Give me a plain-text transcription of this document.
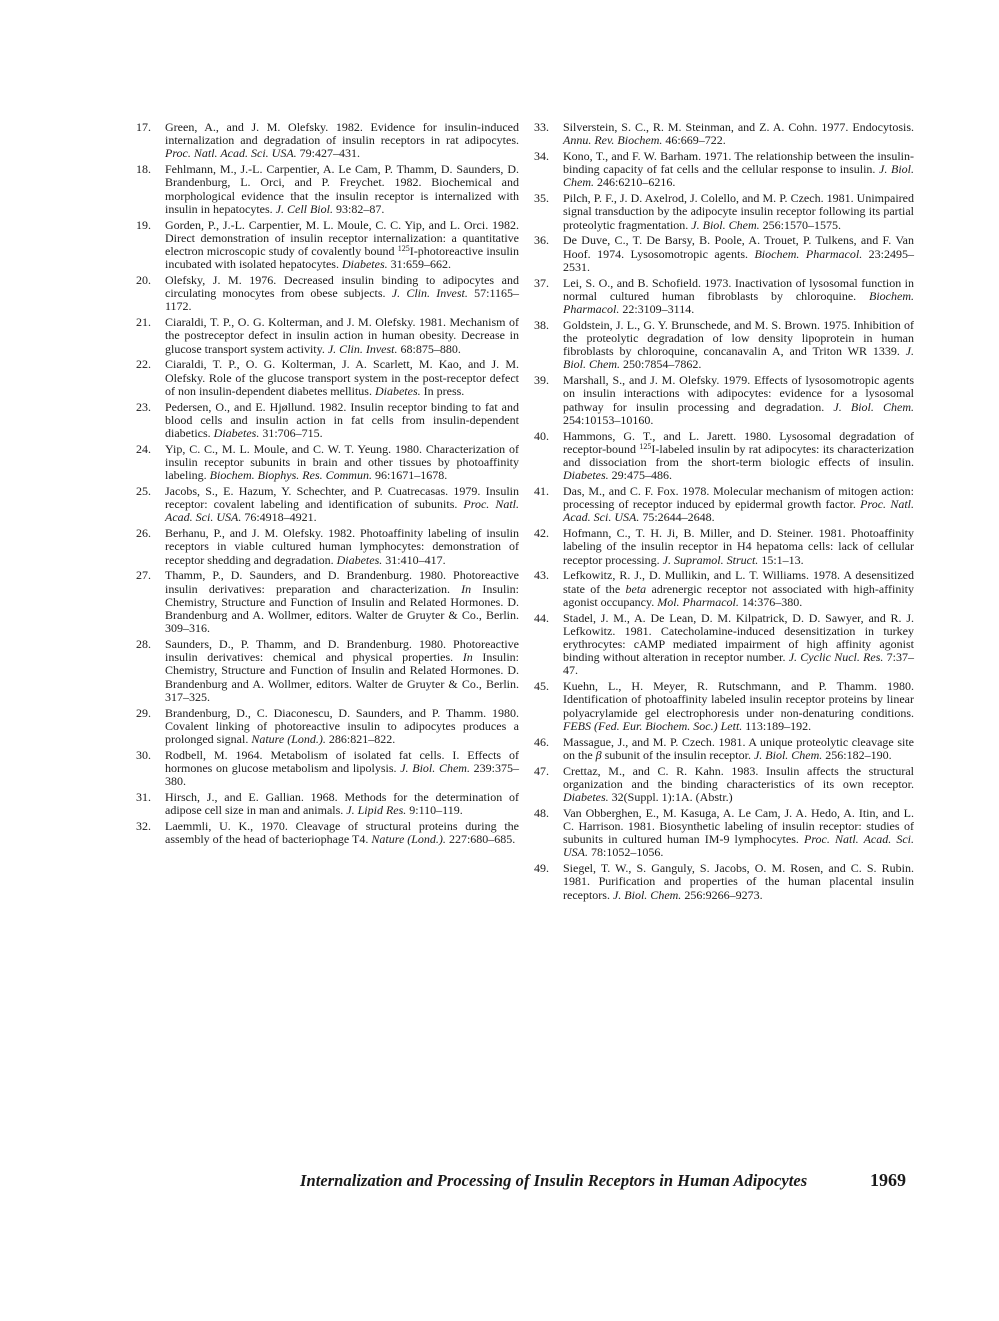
17. Green, A., and J. M. Olefsky. 1982. Evidence for insulin-induced internalization and degradation of insulin receptors in rat adipocytes. Proc. Natl. Acad. Sci. USA. 79:427–431.
18. Fehlmann, M., J.-L. Carpentier, A. Le Cam, P. Thamm, D. Saunders, D. Brandenburg, L. Orci, and P. Freychet. 1982. Biochemical and morphological evidence that the insulin receptor is internalized with insulin in hepatocytes. J. Cell Biol. 93:82–87.
19. Gorden, P., J.-L. Carpentier, M. L. Moule, C. C. Yip, and L. Orci. 1982. Direct demonstration of insulin receptor internalization: a quantitative electron microscopic study of covalently bound $^{125}$I-photoreactive insulin incubated with isolated hepatocytes. Diabetes. 31:659–662.
20. Olefsky, J. M. 1976. Decreased insulin binding to adipocytes and circulating monocytes from obese subjects. J. Clin. Invest. 57:1165–1172.
21. Ciaraldi, T. P., O. G. Kolterman, and J. M. Olefsky. 1981. Mechanism of the postreceptor defect in insulin action in human obesity. Decrease in glucose transport system activity. J. Clin. Invest. 68:875–880.
22. Ciaraldi, T. P., O. G. Kolterman, J. A. Scarlett, M. Kao, and J. M. Olefsky. Role of the glucose transport system in the post-receptor defect of non insulin-dependent diabetes mellitus. Diabetes. In press.
23. Pedersen, O., and E. Hjøllund. 1982. Insulin receptor binding to fat and blood cells and insulin action in fat cells from insulin-dependent diabetics. Diabetes. 31:706–715.
24. Yip, C. C., M. L. Moule, and C. W. T. Yeung. 1980. Characterization of insulin receptor subunits in brain and other tissues by photoaffinity labeling. Biochem. Biophys. Res. Commun. 96:1671–1678.
25. Jacobs, S., E. Hazum, Y. Schechter, and P. Cuatrecasas. 1979. Insulin receptor: covalent labeling and identification of subunits. Proc. Natl. Acad. Sci. USA. 76:4918–4921.
26. Berhanu, P., and J. M. Olefsky. 1982. Photoaffinity labeling of insulin receptors in viable cultured human lymphocytes: demonstration of receptor shedding and degradation. Diabetes. 31:410–417.
27. Thamm, P., D. Saunders, and D. Brandenburg. 1980. Photoreactive insulin derivatives: preparation and characterization. In Insulin: Chemistry, Structure and Function of Insulin and Related Hormones. D. Brandenburg and A. Wollmer, editors. Walter de Gruyter & Co., Berlin. 309–316.
28. Saunders, D., P. Thamm, and D. Brandenburg. 1980. Photoreactive insulin derivatives: chemical and physical properties. In Insulin: Chemistry, Structure and Function of Insulin and Related Hormones. D. Brandenburg and A. Wollmer, editors. Walter de Gruyter & Co., Berlin. 317–325.
29. Brandenburg, D., C. Diaconescu, D. Saunders, and P. Thamm. 1980. Covalent linking of photoreactive insulin to adipocytes produces a prolonged signal. Nature (Lond.). 286:821–822.
30. Rodbell, M. 1964. Metabolism of isolated fat cells. I. Effects of hormones on glucose metabolism and lipolysis. J. Biol. Chem. 239:375–380.
31. Hirsch, J., and E. Gallian. 1968. Methods for the determination of adipose cell size in man and animals. J. Lipid Res. 9:110–119.
32. Laemmli, U. K., 1970. Cleavage of structural proteins during the assembly of the head of bacteriophage T4. Nature (Lond.). 227:680–685.
33. Silverstein, S. C., R. M. Steinman, and Z. A. Cohn. 1977. Endocytosis. Annu. Rev. Biochem. 46:669–722.
34. Kono, T., and F. W. Barham. 1971. The relationship between the insulin-binding capacity of fat cells and the cellular response to insulin. J. Biol. Chem. 246:6210–6216.
35. Pilch, P. F., J. D. Axelrod, J. Colello, and M. P. Czech. 1981. Unimpaired signal transduction by the adipocyte insulin receptor following its partial proteolytic fragmentation. J. Biol. Chem. 256:1570–1575.
36. De Duve, C., T. De Barsy, B. Poole, A. Trouet, P. Tulkens, and F. Van Hoof. 1974. Lysosomotropic agents. Biochem. Pharmacol. 23:2495–2531.
37. Lei, S. O., and B. Schofield. 1973. Inactivation of lysosomal function in normal cultured human fibroblasts by chloroquine. Biochem. Pharmacol. 22:3109–3114.
38. Goldstein, J. L., G. Y. Brunschede, and M. S. Brown. 1975. Inhibition of the proteolytic degradation of low density lipoprotein in human fibroblasts by chloroquine, concanavalin A, and Triton WR 1339. J. Biol. Chem. 250:7854–7862.
39. Marshall, S., and J. M. Olefsky. 1979. Effects of lysosomotropic agents on insulin interactions with adipocytes: evidence for a lysosomal pathway for insulin processing and degradation. J. Biol. Chem. 254:10153–10160.
40. Hammons, G. T., and L. Jarett. 1980. Lysosomal degradation of receptor-bound $^{125}$I-labeled insulin by rat adipocytes: its characterization and dissociation from the short-term biologic effects of insulin. Diabetes. 29:475–486.
41. Das, M., and C. F. Fox. 1978. Molecular mechanism of mitogen action: processing of receptor induced by epidermal growth factor. Proc. Natl. Acad. Sci. USA. 75:2644–2648.
42. Hofmann, C., T. H. Ji, B. Miller, and D. Steiner. 1981. Photoaffinity labeling of the insulin receptor in H4 hepatoma cells: lack of cellular receptor processing. J. Supramol. Struct. 15:1–13.
43. Lefkowitz, R. J., D. Mullikin, and L. T. Williams. 1978. A desensitized state of the beta adrenergic receptor not associated with high-affinity agonist occupancy. Mol. Pharmacol. 14:376–380.
44. Stadel, J. M., A. De Lean, D. M. Kilpatrick, D. D. Sawyer, and R. J. Lefkowitz. 1981. Catecholamine-induced desensitization in turkey erythrocytes: cAMP mediated impairment of high affinity agonist binding without alteration in receptor number. J. Cyclic Nucl. Res. 7:37–47.
45. Kuehn, L., H. Meyer, R. Rutschmann, and P. Thamm. 1980. Identification of photoaffinity labeled insulin receptor proteins by linear polyacrylamide gel electrophoresis under non-denaturing conditions. FEBS (Fed. Eur. Biochem. Soc.) Lett. 113:189–192.
46. Massague, J., and M. P. Czech. 1981. A unique proteolytic cleavage site on the β subunit of the insulin receptor. J. Biol. Chem. 256:182–190.
47. Crettaz, M., and C. R. Kahn. 1983. Insulin affects the structural organization and the binding characteristics of its own receptor. Diabetes. 32(Suppl. 1):1A. (Abstr.)
48. Van Obberghen, E., M. Kasuga, A. Le Cam, J. A. Hedo, A. Itin, and L. C. Harrison. 1981. Biosynthetic labeling of insulin receptor: studies of subunits in cultured human IM-9 lymphocytes. Proc. Natl. Acad. Sci. USA. 78:1052–1056.
49. Siegel, T. W., S. Ganguly, S. Jacobs, O. M. Rosen, and C. S. Rubin. 1981. Purification and properties of the human placental insulin receptors. J. Biol. Chem. 256:9266–9273.
Internalization and Processing of Insulin Receptors in Human Adipocytes	1969
